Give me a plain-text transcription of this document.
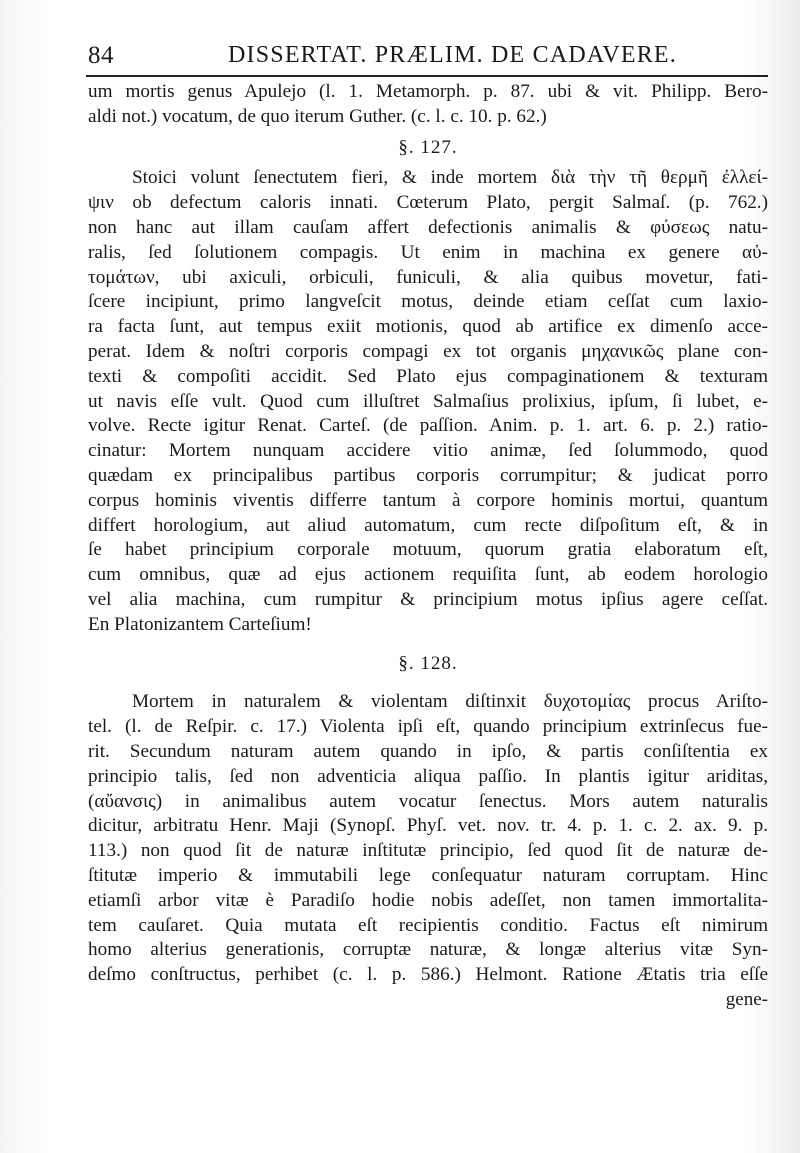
84	DISSERTAT. PRÆLIM. DE CADAVERE.
um mortis genus Apulejo (l. 1. Metamorph. p. 87. ubi & vit. Philipp. Bero-
aldi not.) vocatum, de quo iterum Guther. (c. l. c. 10. p. 62.)
§. 127.
Stoici volunt ſenectutem fieri, & inde mortem διὰ τὴν τῆ θερμῆ ἐλλεί-
ψιν ob defectum caloris innati. Cœterum Plato, pergit Salmaſ. (p. 762.)
non hanc aut illam cauſam affert defectionis animalis & φύσεως natu-
ralis, ſed ſolutionem compagis. Ut enim in machina ex genere αὐ-
τομάτων, ubi axiculi, orbiculi, funiculi, & alia quibus movetur, fati-
ſcere incipiunt, primo langveſcit motus, deinde etiam ceſſat cum laxio-
ra facta ſunt, aut tempus exiit motionis, quod ab artifice ex dimenſo acce-
perat. Idem & noſtri corporis compagi ex tot organis μηχανικῶς plane con-
texti & compoſiti accidit. Sed Plato ejus compaginationem & texturam
ut navis eſſe vult. Quod cum illuſtret Salmaſius prolixius, ipſum, ſi lubet, e-
volve. Recte igitur Renat. Carteſ. (de paſſion. Anim. p. 1. art. 6. p. 2.) ratio-
cinatur: Mortem nunquam accidere vitio animæ, ſed ſolummodo, quod
quædam ex principalibus partibus corporis corrumpitur; & judicat porro
corpus hominis viventis differre tantum à corpore hominis mortui, quantum
differt horologium, aut aliud automatum, cum recte diſpoſitum eſt, & in
ſe habet principium corporale motuum, quorum gratia elaboratum eſt,
cum omnibus, quæ ad ejus actionem requiſita ſunt, ab eodem horologio
vel alia machina, cum rumpitur & principium motus ipſius agere ceſſat.
En Platonizantem Carteſium!
§. 128.
Mortem in naturalem & violentam diſtinxit δυχοτομίας procus Ariſto-
tel. (l. de Reſpir. c. 17.) Violenta ipſi eſt, quando principium extrinſecus fue-
rit. Secundum naturam autem quando in ipſo, & partis conſiſtentia ex
principio talis, ſed non adventicia aliqua paſſio. In plantis igitur ariditas,
(αὔανσις) in animalibus autem vocatur ſenectus. Mors autem naturalis
dicitur, arbitratu Henr. Maji (Synopſ. Phyſ. vet. nov. tr. 4. p. 1. c. 2. ax. 9. p.
113.) non quod ſit de naturæ inſtitutæ principio, ſed quod ſit de naturæ de-
ſtitutæ imperio & immutabili lege conſequatur naturam corruptam. Hinc
etiamſi arbor vitæ è Paradiſo hodie nobis adeſſet, non tamen immortalita-
tem cauſaret. Quia mutata eſt recipientis conditio. Factus eſt nimirum
homo alterius generationis, corruptæ naturæ, & longæ alterius vitæ Syn-
deſmo conſtructus, perhibet (c. l. p. 586.) Helmont. Ratione Ætatis tria eſſe
gene-
